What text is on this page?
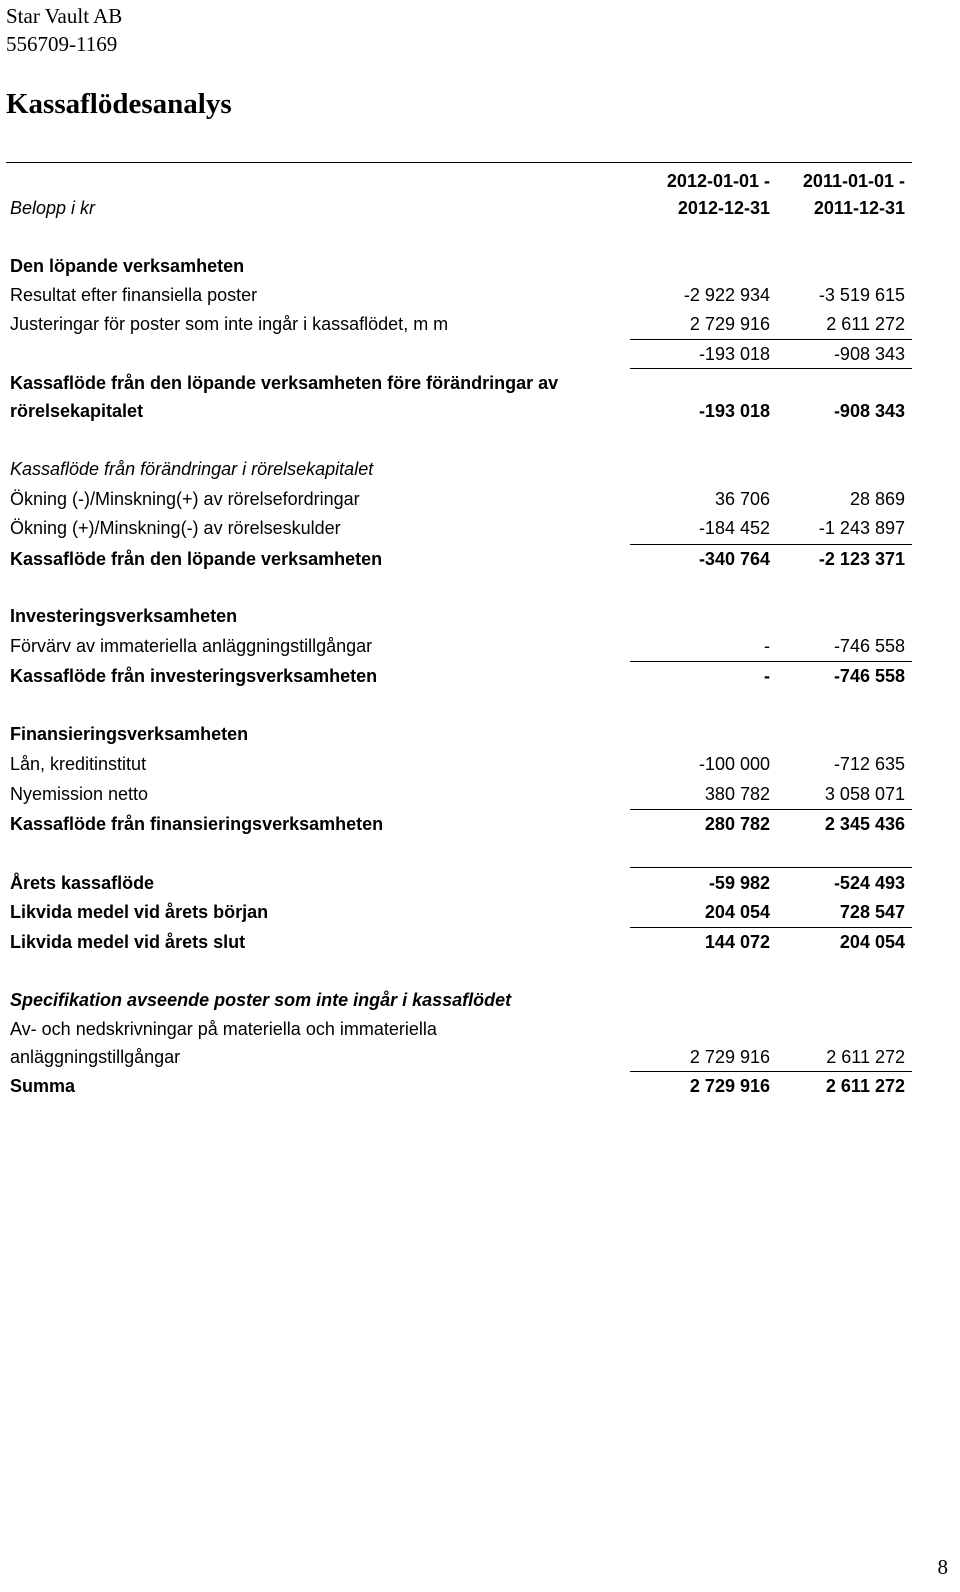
Star Vault AB
556709-1169
Kassaflödesanalys
2012-01-01 -
2012-12-31
2011-01-01 -
2011-12-31
Belopp i kr
Den löpande verksamheten
Resultat efter finansiella poster	-2 922 934	-3 519 615
Justeringar för poster som inte ingår i kassaflödet, m m	2 729 916	2 611 272
-193 018	-908 343
Kassaflöde från den löpande verksamheten före förändringar av
rörelsekapitalet	-193 018	-908 343
Kassaflöde från förändringar i rörelsekapitalet
Ökning (-)/Minskning(+) av rörelsefordringar	36 706	28 869
Ökning (+)/Minskning(-) av rörelseskulder	-184 452	-1 243 897
Kassaflöde från den löpande verksamheten	-340 764	-2 123 371
Investeringsverksamheten
Förvärv av immateriella anläggningstillgångar	-	-746 558
Kassaflöde från investeringsverksamheten	-	-746 558
Finansieringsverksamheten
Lån, kreditinstitut	-100 000	-712 635
Nyemission netto	380 782	3 058 071
Kassaflöde från finansieringsverksamheten	280 782	2 345 436
Årets kassaflöde	-59 982	-524 493
Likvida medel vid årets början	204 054	728 547
Likvida medel vid årets slut	144 072	204 054
Specifikation avseende poster som inte ingår i kassaflödet
Av- och nedskrivningar på materiella och immateriella
anläggningstillgångar	2 729 916	2 611 272
Summa	2 729 916	2 611 272
8
